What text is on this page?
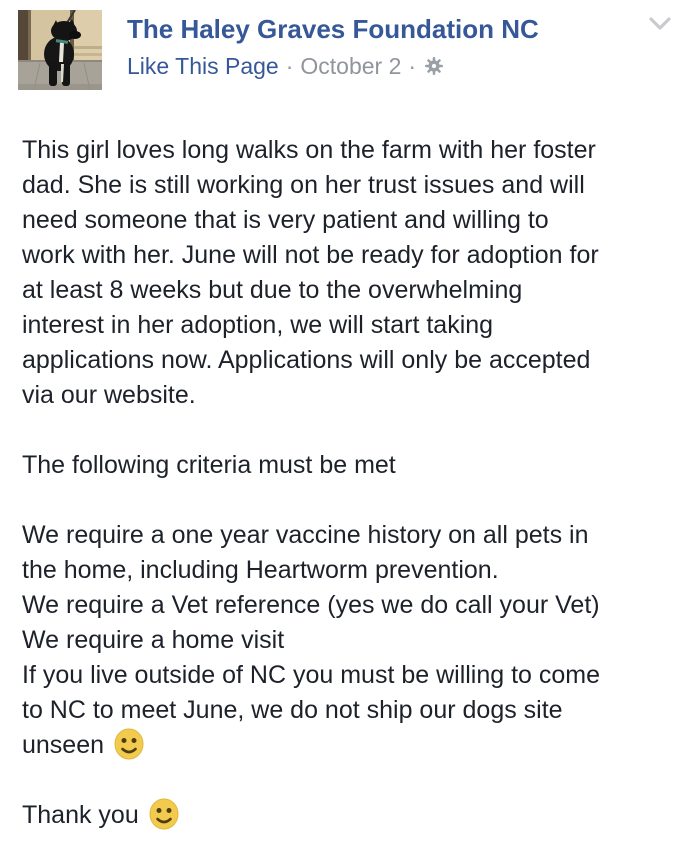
The Haley Graves Foundation NC
Like This Page · October 2 ·
This girl loves long walks on the farm with her foster
dad. She is still working on her trust issues and will
need someone that is very patient and willing to
work with her. June will not be ready for adoption for
at least 8 weeks but due to the overwhelming
interest in her adoption, we will start taking
applications now. Applications will only be accepted
via our website.
The following criteria must be met
We require a one year vaccine history on all pets in
the home, including Heartworm prevention.
We require a Vet reference (yes we do call your Vet)
We require a home visit
If you live outside of NC you must be willing to come
to NC to meet June, we do not ship our dogs site
unseen
Thank you
